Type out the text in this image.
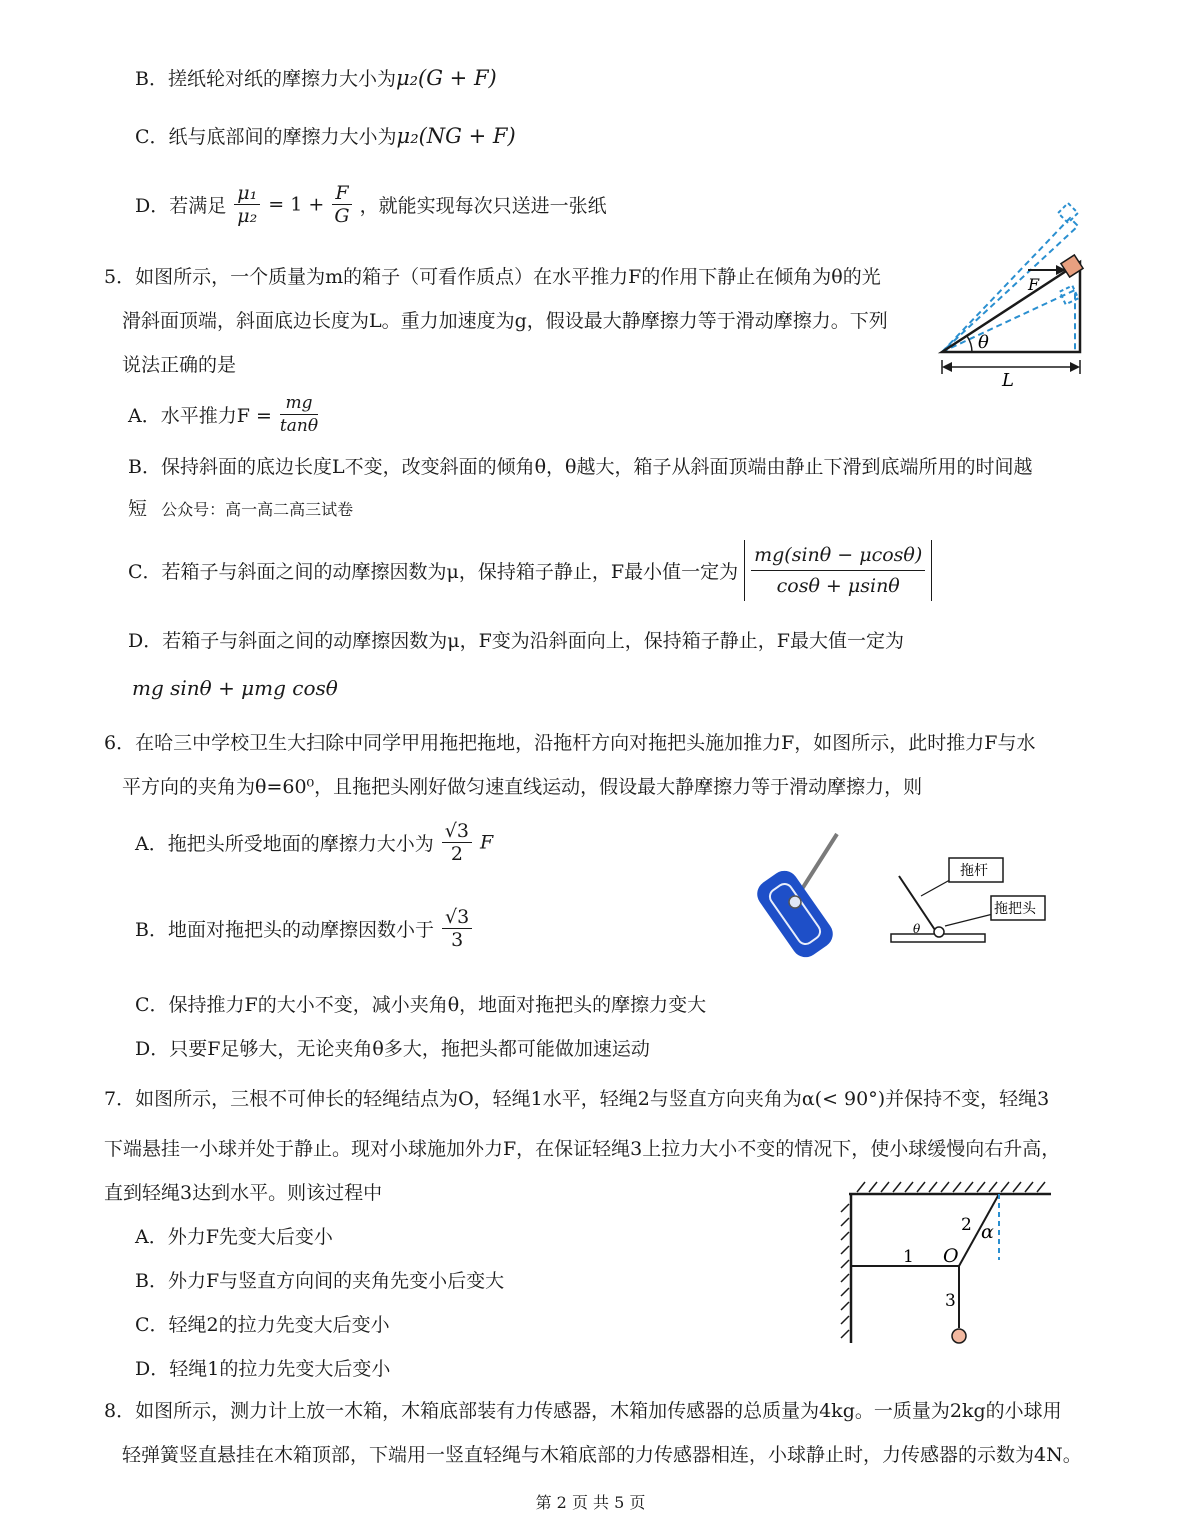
B．搓纸轮对纸的摩擦力大小为μ₂(G + F)
C．纸与底部间的摩擦力大小为μ₂(NG + F)
D．若满足 $\frac{\text{μ₁}}{\text{μ₂}} = 1 + \frac{F}{G}$ ，就能实现每次只送进一张纸
5．如图所示，一个质量为m的箱子（可看作质点）在水平推力F的作用下静止在倾角为θ的光
滑斜面顶端，斜面底边长度为L。重力加速度为g，假设最大静摩擦力等于滑动摩擦力。下列
说法正确的是
F
θ
L
A．水平推力$F = \frac{mg}{\tan\theta}$
B．保持斜面的底边长度L不变，改变斜面的倾角θ，θ越大，箱子从斜面顶端由静止下滑到底端所用的时间越
短 公众号：高一高二高三试卷
C．若箱子与斜面之间的动摩擦因数为μ，保持箱子静止，F最小值一定为 $\frac{mg(\sin\theta - \mu\cos\theta)}{\cos\theta + \mu\sin\theta}$
D．若箱子与斜面之间的动摩擦因数为μ，F变为沿斜面向上，保持箱子静止，F最大值一定为
mg sinθ + μmg cosθ
6．在哈三中学校卫生大扫除中同学甲用拖把拖地，沿拖杆方向对拖把头施加推力F，如图所示，此时推力F与水
平方向的夹角为θ=60⁰，且拖把头刚好做匀速直线运动，假设最大静摩擦力等于滑动摩擦力，则
A．拖把头所受地面的摩擦力大小为 $\frac{√3}{2}$ F
B．地面对拖把头的动摩擦因数小于 $\frac{√3}{3}$
C．保持推力F的大小不变，减小夹角θ，地面对拖把头的摩擦力变大
D．只要F足够大，无论夹角θ多大，拖把头都可能做加速运动
θ
拖杆
拖把头
7．如图所示，三根不可伸长的轻绳结点为O，轻绳1水平，轻绳2与竖直方向夹角为α(< 90°)并保持不变，轻绳3
下端悬挂一小球并处于静止。现对小球施加外力F，在保证轻绳3上拉力大小不变的情况下，使小球缓慢向右升高，
直到轻绳3达到水平。则该过程中
A．外力F先变大后变小
B．外力F与竖直方向间的夹角先变小后变大
C．轻绳2的拉力先变大后变小
D．轻绳1的拉力先变大后变小
1
2
3
O
α
8．如图所示，测力计上放一木箱，木箱底部装有力传感器，木箱加传感器的总质量为4kg。一质量为2kg的小球用
轻弹簧竖直悬挂在木箱顶部，下端用一竖直轻绳与木箱底部的力传感器相连，小球静止时，力传感器的示数为4N。
第 2 页 共 5 页
